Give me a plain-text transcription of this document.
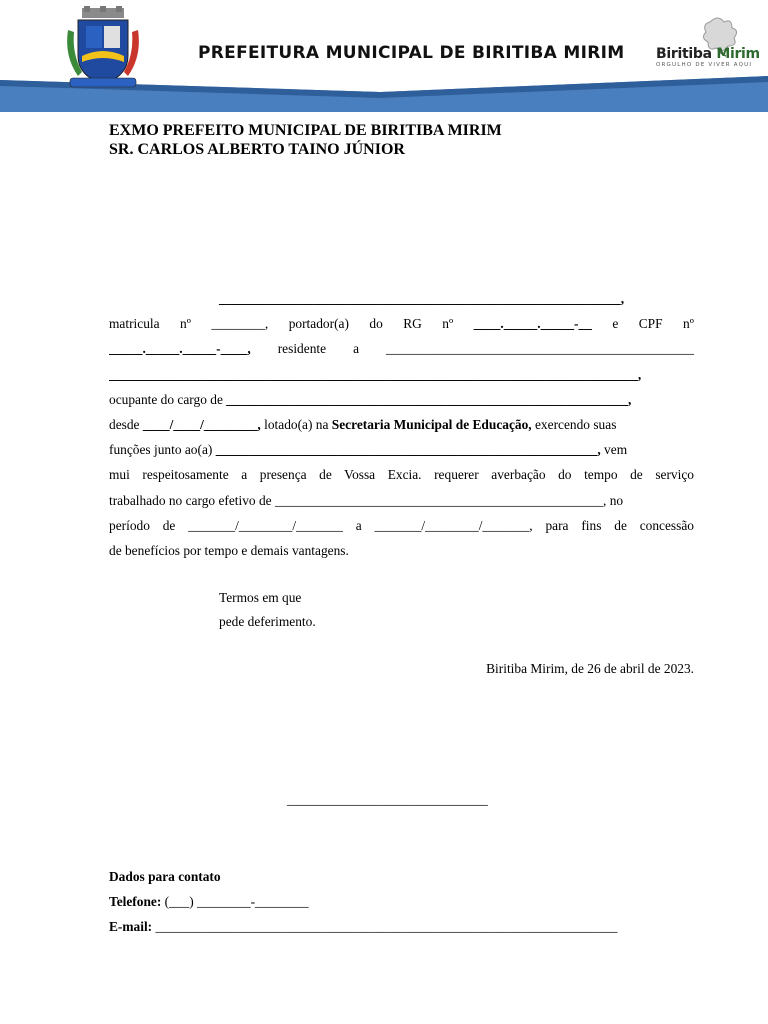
PREFEITURA MUNICIPAL DE BIRITIBA MIRIM Biritiba Mirim
ORGULHO DE VIVER AQUI
EXMO PREFEITO MUNICIPAL DE BIRITIBA MIRIM
SR. CARLOS ALBERTO TAINO JÚNIOR
____________________________________________________________,
matricula nº ________, portador(a) do RG nº ____._____._____-__ e CPF nº
_____._____._____-____, residente a ______________________________________________
_______________________________________________________________________________,
ocupante do cargo de ____________________________________________________________,
desde ____/____/________, lotado(a) na Secretaria Municipal de Educação, exercendo suas
funções junto ao(a) _________________________________________________________, vem
mui respeitosamente a presença de Vossa Excia. requerer averbação do tempo de serviço
trabalhado no cargo efetivo de _________________________________________________, no
período de _______/________/_______ a _______/________/_______, para fins de concessão
de benefícios por tempo e demais vantagens.
Termos em que
pede deferimento.
Biritiba Mirim, de 26 de abril de 2023.
______________________________
Dados para contato
Telefone: (___) ________-________
E-mail: _____________________________________________________________________
